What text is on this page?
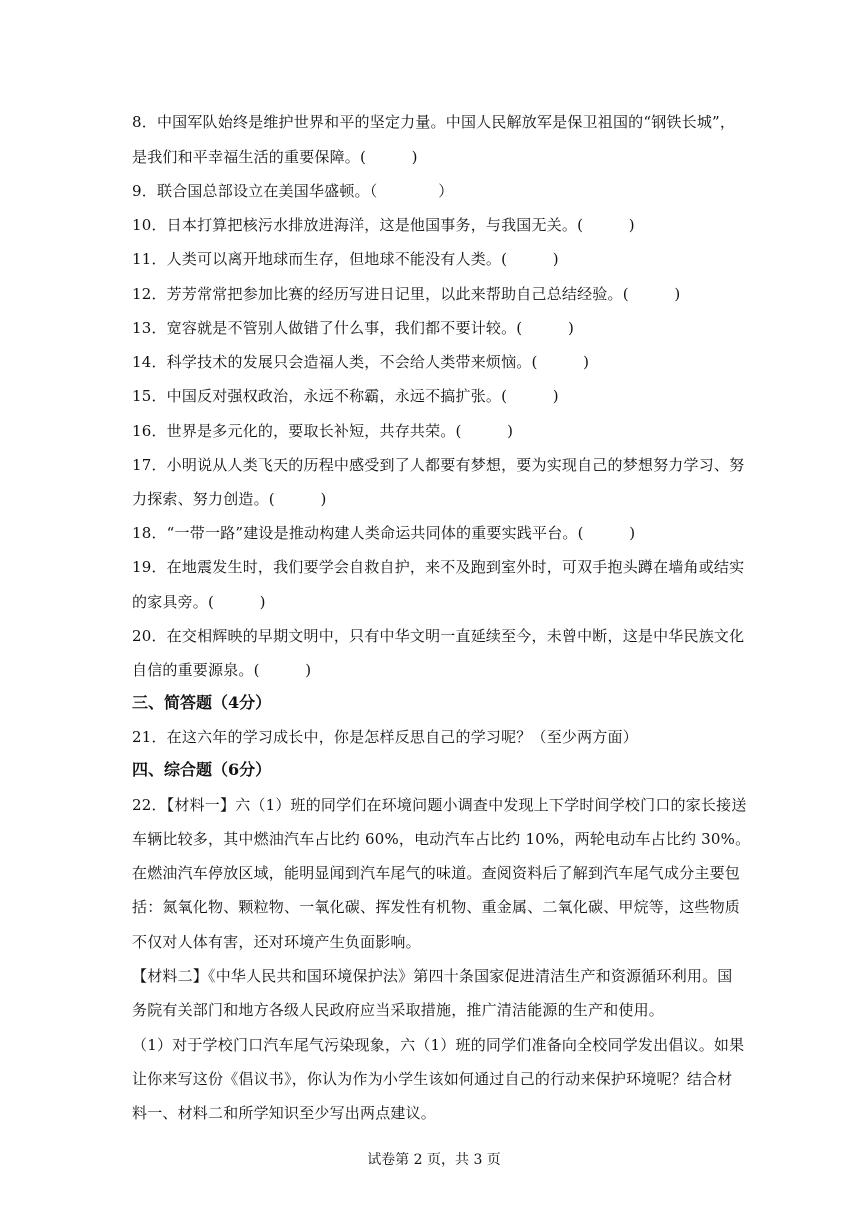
8．中国军队始终是维护世界和平的坚定力量。中国人民解放军是保卫祖国的“钢铁长城”，
是我们和平幸福生活的重要保障。(　　　)
9．联合国总部设立在美国华盛顿。（　　　　）
10．日本打算把核污水排放进海洋，这是他国事务，与我国无关。(　　　)
11．人类可以离开地球而生存，但地球不能没有人类。(　　　)
12．芳芳常常把参加比赛的经历写进日记里，以此来帮助自己总结经验。(　　　)
13．宽容就是不管别人做错了什么事，我们都不要计较。(　　　)
14．科学技术的发展只会造福人类，不会给人类带来烦恼。(　　　)
15．中国反对强权政治，永远不称霸，永远不搞扩张。(　　　)
16．世界是多元化的，要取长补短，共存共荣。(　　　)
17．小明说从人类飞天的历程中感受到了人都要有梦想，要为实现自己的梦想努力学习、努
力探索、努力创造。(　　　)
18．“一带一路”建设是推动构建人类命运共同体的重要实践平台。(　　　)
19．在地震发生时，我们要学会自救自护，来不及跑到室外时，可双手抱头蹲在墙角或结实
的家具旁。(　　　)
20．在交相辉映的早期文明中，只有中华文明一直延续至今，未曾中断，这是中华民族文化
自信的重要源泉。(　　　)
三、简答题（4分）
21．在这六年的学习成长中，你是怎样反思自己的学习呢？（至少两方面）
四、综合题（6分）
22．【材料一】六（1）班的同学们在环境问题小调查中发现上下学时间学校门口的家长接送
车辆比较多，其中燃油汽车占比约 60%，电动汽车占比约 10%，两轮电动车占比约 30%。
在燃油汽车停放区域，能明显闻到汽车尾气的味道。查阅资料后了解到汽车尾气成分主要包
括：氮氧化物、颗粒物、一氧化碳、挥发性有机物、重金属、二氧化碳、甲烷等，这些物质
不仅对人体有害，还对环境产生负面影响。
【材料二】《中华人民共和国环境保护法》第四十条国家促进清洁生产和资源循环利用。国
务院有关部门和地方各级人民政府应当采取措施，推广清洁能源的生产和使用。
（1）对于学校门口汽车尾气污染现象，六（1）班的同学们准备向全校同学发出倡议。如果
让你来写这份《倡议书》，你认为作为小学生该如何通过自己的行动来保护环境呢？结合材
料一、材料二和所学知识至少写出两点建议。
试卷第 2 页，共 3 页
